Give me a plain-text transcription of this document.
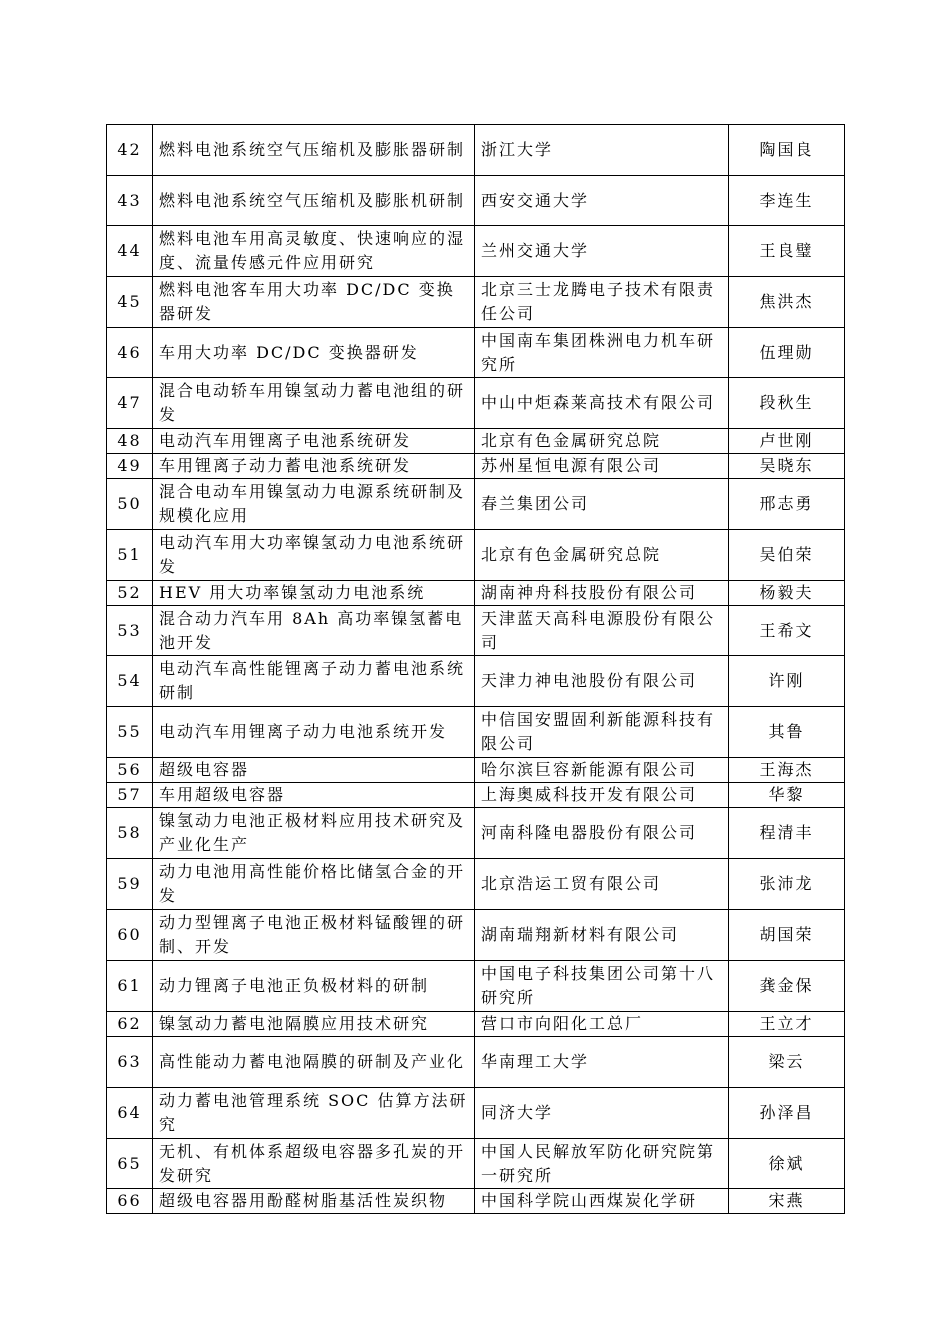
42	燃料电池系统空气压缩机及膨胀器研制	浙江大学	陶国良
43	燃料电池系统空气压缩机及膨胀机研制	西安交通大学	李连生
44	燃料电池车用高灵敏度、快速响应的湿度、流量传感元件应用研究	兰州交通大学	王良璧
45	燃料电池客车用大功率 DC/DC 变换器研发	北京三士龙腾电子技术有限责任公司	焦洪杰
46	车用大功率 DC/DC 变换器研发	中国南车集团株洲电力机车研究所	伍理勋
47	混合电动轿车用镍氢动力蓄电池组的研发	中山中炬森莱高技术有限公司	段秋生
48	电动汽车用锂离子电池系统研发	北京有色金属研究总院	卢世刚
49	车用锂离子动力蓄电池系统研发	苏州星恒电源有限公司	吴晓东
50	混合电动车用镍氢动力电源系统研制及规模化应用	春兰集团公司	邢志勇
51	电动汽车用大功率镍氢动力电池系统研发	北京有色金属研究总院	吴伯荣
52	HEV 用大功率镍氢动力电池系统	湖南神舟科技股份有限公司	杨毅夫
53	混合动力汽车用 8Ah 高功率镍氢蓄电池开发	天津蓝天高科电源股份有限公司	王希文
54	电动汽车高性能锂离子动力蓄电池系统研制	天津力神电池股份有限公司	许刚
55	电动汽车用锂离子动力电池系统开发	中信国安盟固利新能源科技有限公司	其鲁
56	超级电容器	哈尔滨巨容新能源有限公司	王海杰
57	车用超级电容器	上海奥威科技开发有限公司	华黎
58	镍氢动力电池正极材料应用技术研究及产业化生产	河南科隆电器股份有限公司	程清丰
59	动力电池用高性能价格比储氢合金的开发	北京浩运工贸有限公司	张沛龙
60	动力型锂离子电池正极材料锰酸锂的研制、开发	湖南瑞翔新材料有限公司	胡国荣
61	动力锂离子电池正负极材料的研制	中国电子科技集团公司第十八研究所	龚金保
62	镍氢动力蓄电池隔膜应用技术研究	营口市向阳化工总厂	王立才
63	高性能动力蓄电池隔膜的研制及产业化	华南理工大学	梁云
64	动力蓄电池管理系统 SOC 估算方法研究	同济大学	孙泽昌
65	无机、有机体系超级电容器多孔炭的开发研究	中国人民解放军防化研究院第一研究所	徐斌
66	超级电容器用酚醛树脂基活性炭织物	中国科学院山西煤炭化学研	宋燕
